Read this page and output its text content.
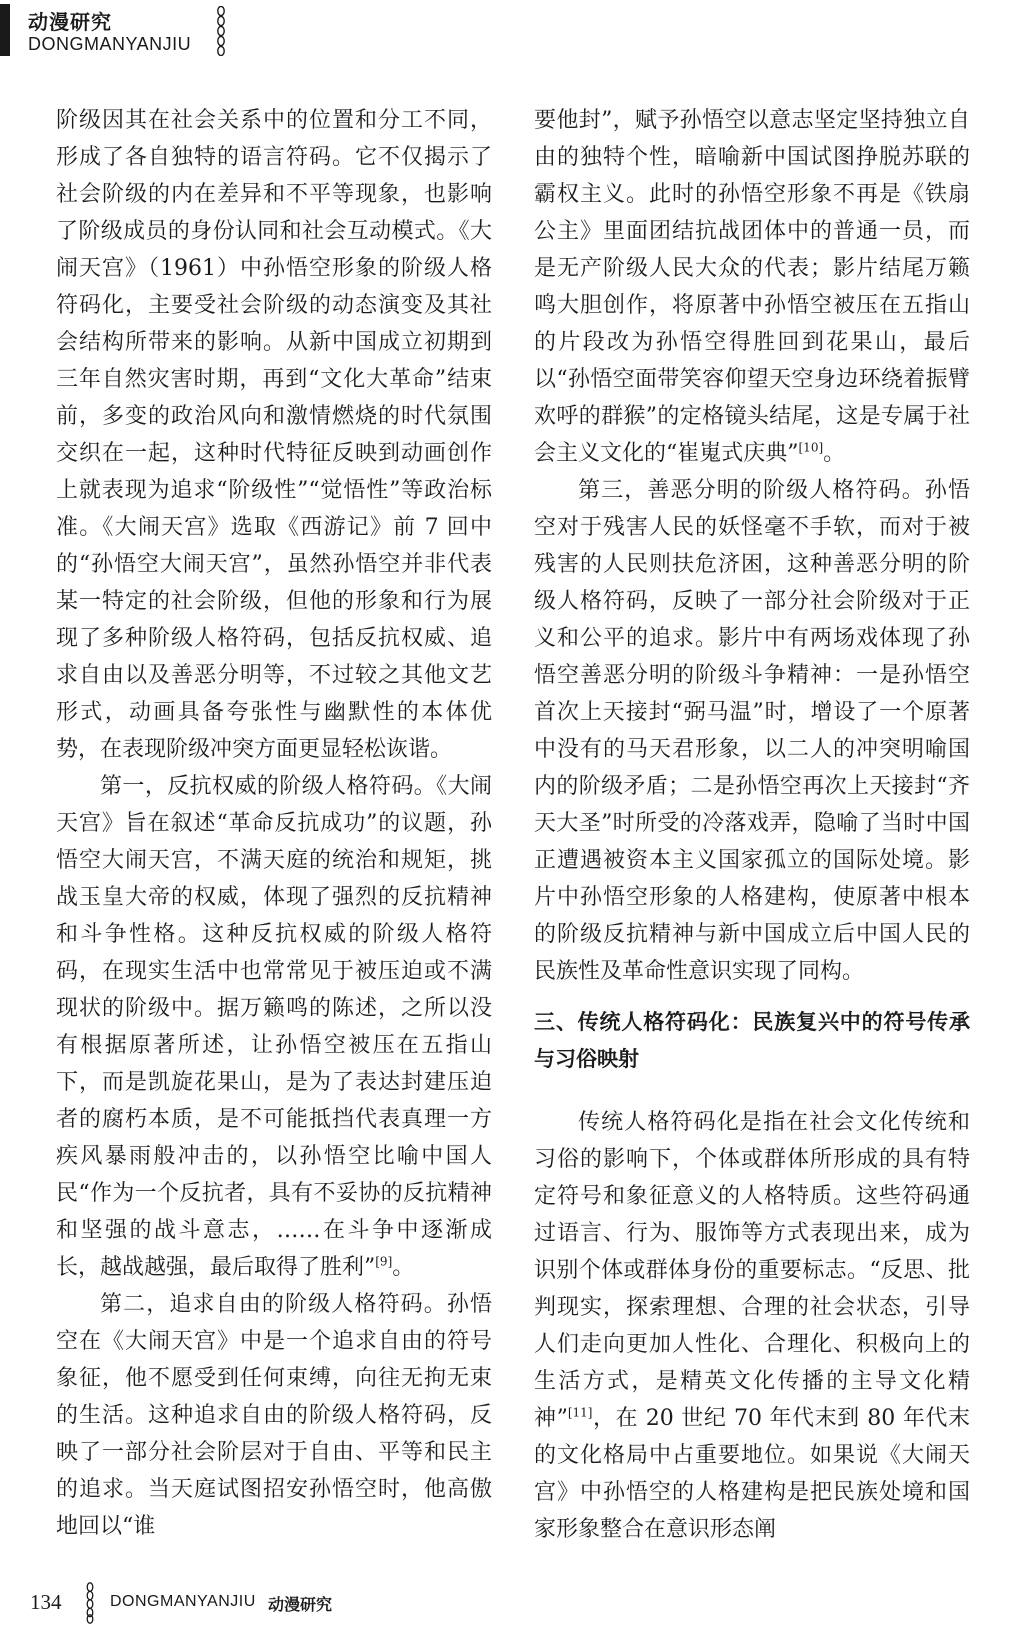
动漫研究
DONGMANYANJIU

阶级因其在社会关系中的位置和分工不同，形成了各自独特的语言符码。它不仅揭示了社会阶级的内在差异和不平等现象，也影响了阶级成员的身份认同和社会互动模式。《大闹天宫》（1961）中孙悟空形象的阶级人格符码化，主要受社会阶级的动态演变及其社会结构所带来的影响。从新中国成立初期到三年自然灾害时期，再到“文化大革命”结束前，多变的政治风向和激情燃烧的时代氛围交织在一起，这种时代特征反映到动画创作上就表现为追求“阶级性”“觉悟性”等政治标准。《大闹天宫》选取《西游记》前 7 回中的“孙悟空大闹天宫”，虽然孙悟空并非代表某一特定的社会阶级，但他的形象和行为展现了多种阶级人格符码，包括反抗权威、追求自由以及善恶分明等，不过较之其他文艺形式，动画具备夸张性与幽默性的本体优势，在表现阶级冲突方面更显轻松诙谐。

第一，反抗权威的阶级人格符码。《大闹天宫》旨在叙述“革命反抗成功”的议题，孙悟空大闹天宫，不满天庭的统治和规矩，挑战玉皇大帝的权威，体现了强烈的反抗精神和斗争性格。这种反抗权威的阶级人格符码，在现实生活中也常常见于被压迫或不满现状的阶级中。据万籁鸣的陈述，之所以没有根据原著所述，让孙悟空被压在五指山下，而是凯旋花果山，是为了表达封建压迫者的腐朽本质，是不可能抵挡代表真理一方疾风暴雨般冲击的，以孙悟空比喻中国人民“作为一个反抗者，具有不妥协的反抗精神和坚强的战斗意志，……在斗争中逐渐成长，越战越强，最后取得了胜利”[9]。

第二，追求自由的阶级人格符码。孙悟空在《大闹天宫》中是一个追求自由的符号象征，他不愿受到任何束缚，向往无拘无束的生活。这种追求自由的阶级人格符码，反映了一部分社会阶层对于自由、平等和民主的追求。当天庭试图招安孙悟空时，他高傲地回以“谁

要他封”，赋予孙悟空以意志坚定坚持独立自由的独特个性，暗喻新中国试图挣脱苏联的霸权主义。此时的孙悟空形象不再是《铁扇公主》里面团结抗战团体中的普通一员，而是无产阶级人民大众的代表；影片结尾万籁鸣大胆创作，将原著中孙悟空被压在五指山的片段改为孙悟空得胜回到花果山，最后以“孙悟空面带笑容仰望天空身边环绕着振臂欢呼的群猴”的定格镜头结尾，这是专属于社会主义文化的“崔嵬式庆典”[10]。

第三，善恶分明的阶级人格符码。孙悟空对于残害人民的妖怪毫不手软，而对于被残害的人民则扶危济困，这种善恶分明的阶级人格符码，反映了一部分社会阶级对于正义和公平的追求。影片中有两场戏体现了孙悟空善恶分明的阶级斗争精神：一是孙悟空首次上天接封“弼马温”时，增设了一个原著中没有的马天君形象，以二人的冲突明喻国内的阶级矛盾；二是孙悟空再次上天接封“齐天大圣”时所受的冷落戏弄，隐喻了当时中国正遭遇被资本主义国家孤立的国际处境。影片中孙悟空形象的人格建构，使原著中根本的阶级反抗精神与新中国成立后中国人民的民族性及革命性意识实现了同构。

三、传统人格符码化：民族复兴中的符号传承与习俗映射

传统人格符码化是指在社会文化传统和习俗的影响下，个体或群体所形成的具有特定符号和象征意义的人格特质。这些符码通过语言、行为、服饰等方式表现出来，成为识别个体或群体身份的重要标志。“反思、批判现实，探索理想、合理的社会状态，引导人们走向更加人性化、合理化、积极向上的生活方式，是精英文化传播的主导文化精神”[11]，在 20 世纪 70 年代末到 80 年代末的文化格局中占重要地位。如果说《大闹天宫》中孙悟空的人格建构是把民族处境和国家形象整合在意识形态阐

134	DONGMANYANJIU 动漫研究
